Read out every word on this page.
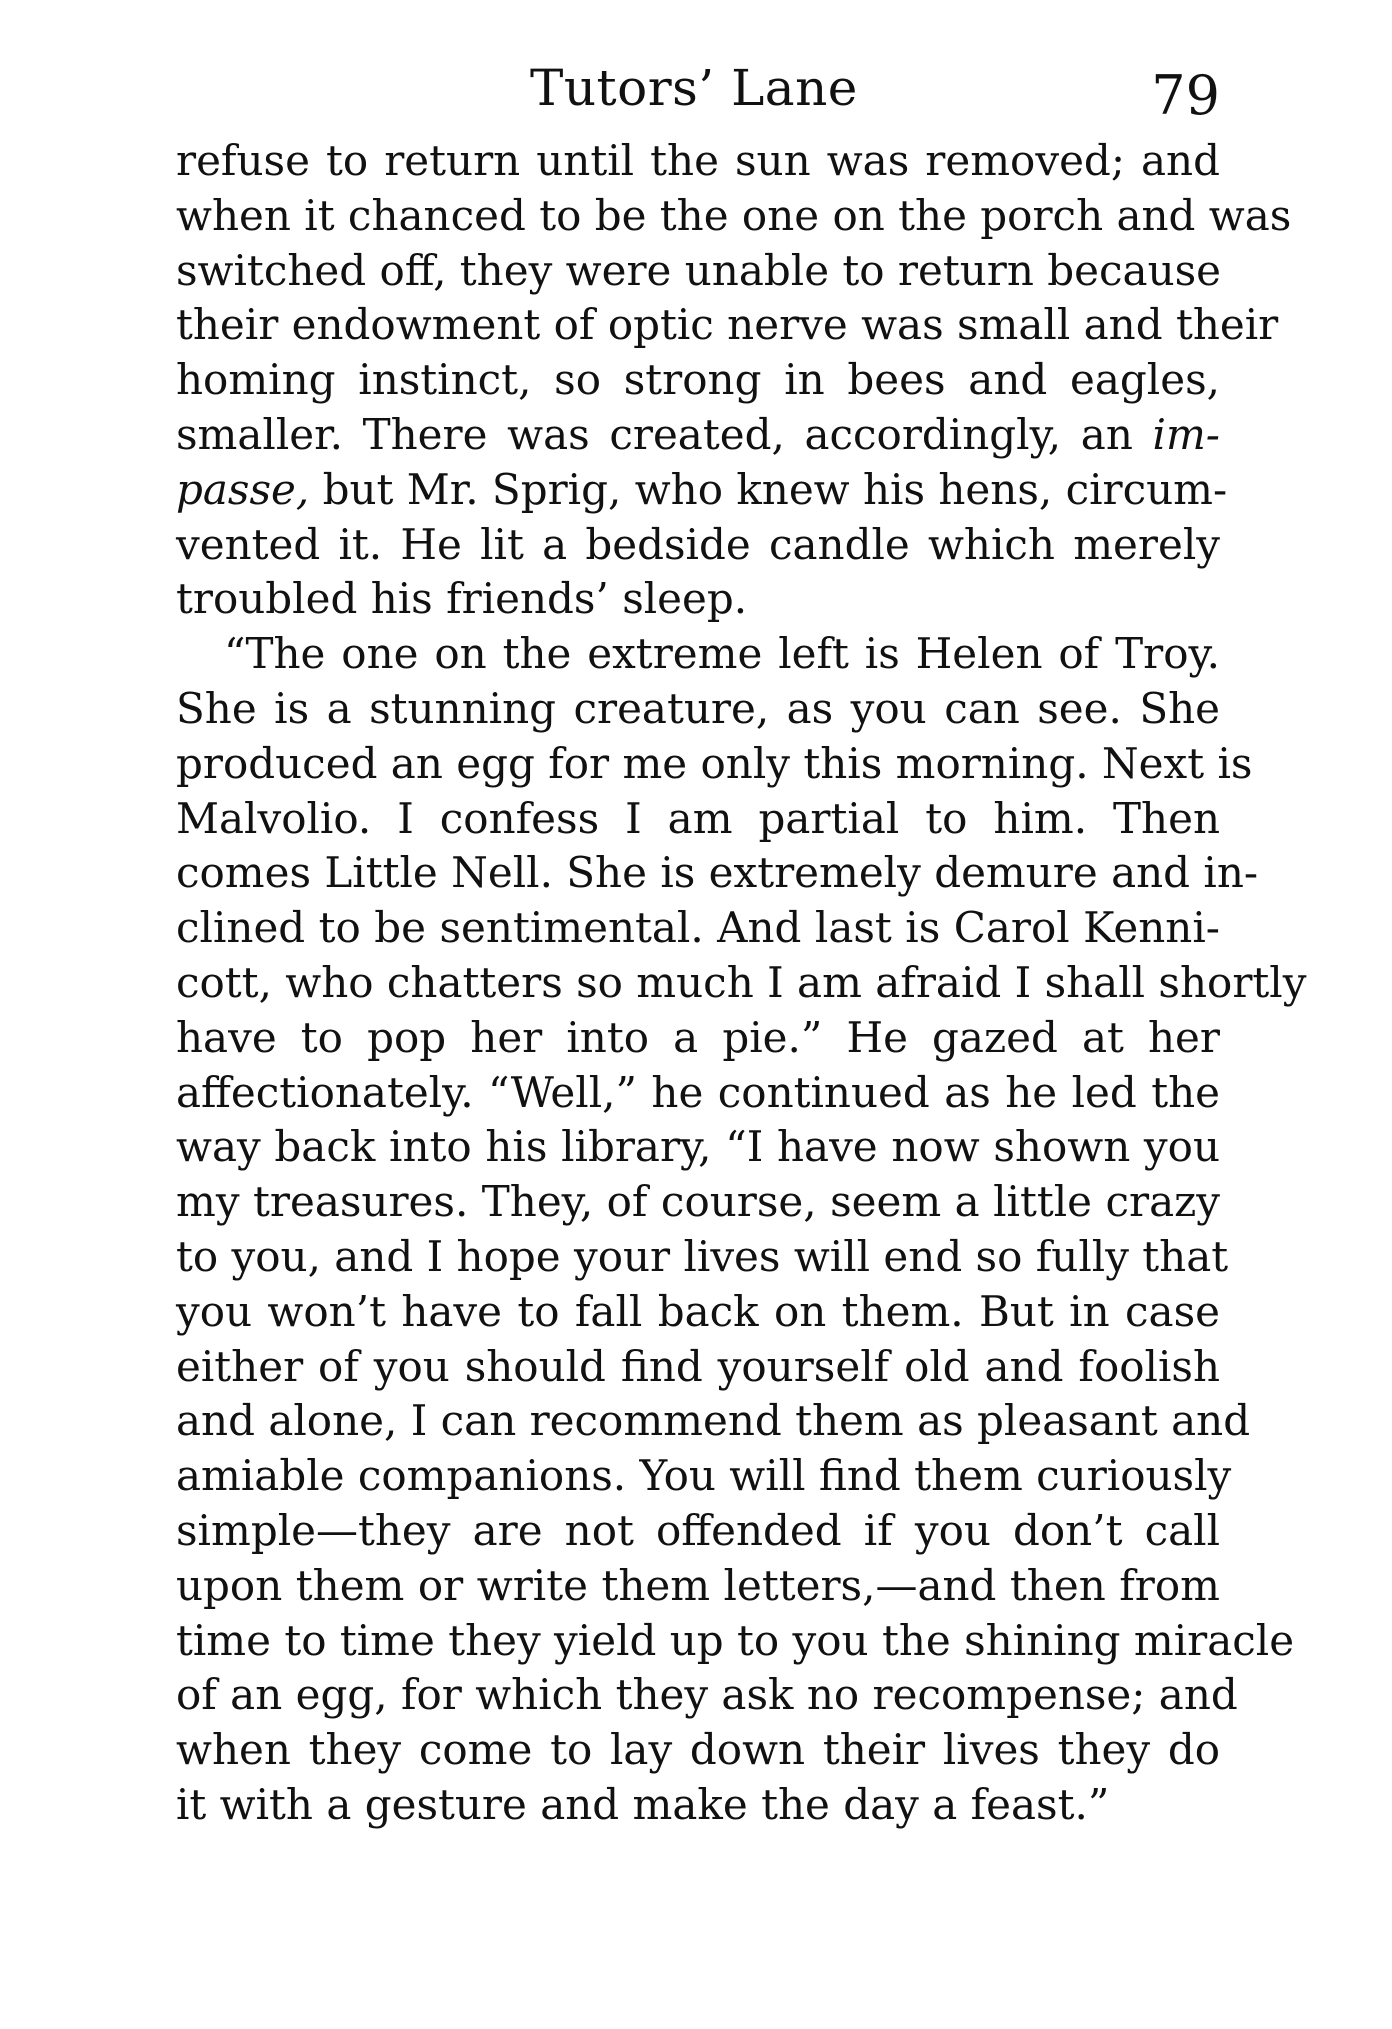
Tutors’ Lane	79
refuse to return until the sun was removed; and
when it chanced to be the one on the porch and was
switched off, they were unable to return because
their endowment of optic nerve was small and their
homing instinct, so strong in bees and eagles,
smaller. There was created, accordingly, an im-
passe, but Mr. Sprig, who knew his hens, circum-
vented it. He lit a bedside candle which merely
troubled his friends’ sleep.
“The one on the extreme left is Helen of Troy.
She is a stunning creature, as you can see. She
produced an egg for me only this morning. Next is
Malvolio. I confess I am partial to him. Then
comes Little Nell. She is extremely demure and in-
clined to be sentimental. And last is Carol Kenni-
cott, who chatters so much I am afraid I shall shortly
have to pop her into a pie.” He gazed at her
affectionately. “Well,” he continued as he led the
way back into his library, “I have now shown you
my treasures. They, of course, seem a little crazy
to you, and I hope your lives will end so fully that
you won’t have to fall back on them. But in case
either of you should find yourself old and foolish
and alone, I can recommend them as pleasant and
amiable companions. You will find them curiously
simple—they are not offended if you don’t call
upon them or write them letters,—and then from
time to time they yield up to you the shining miracle
of an egg, for which they ask no recompense; and
when they come to lay down their lives they do
it with a gesture and make the day a feast.”
